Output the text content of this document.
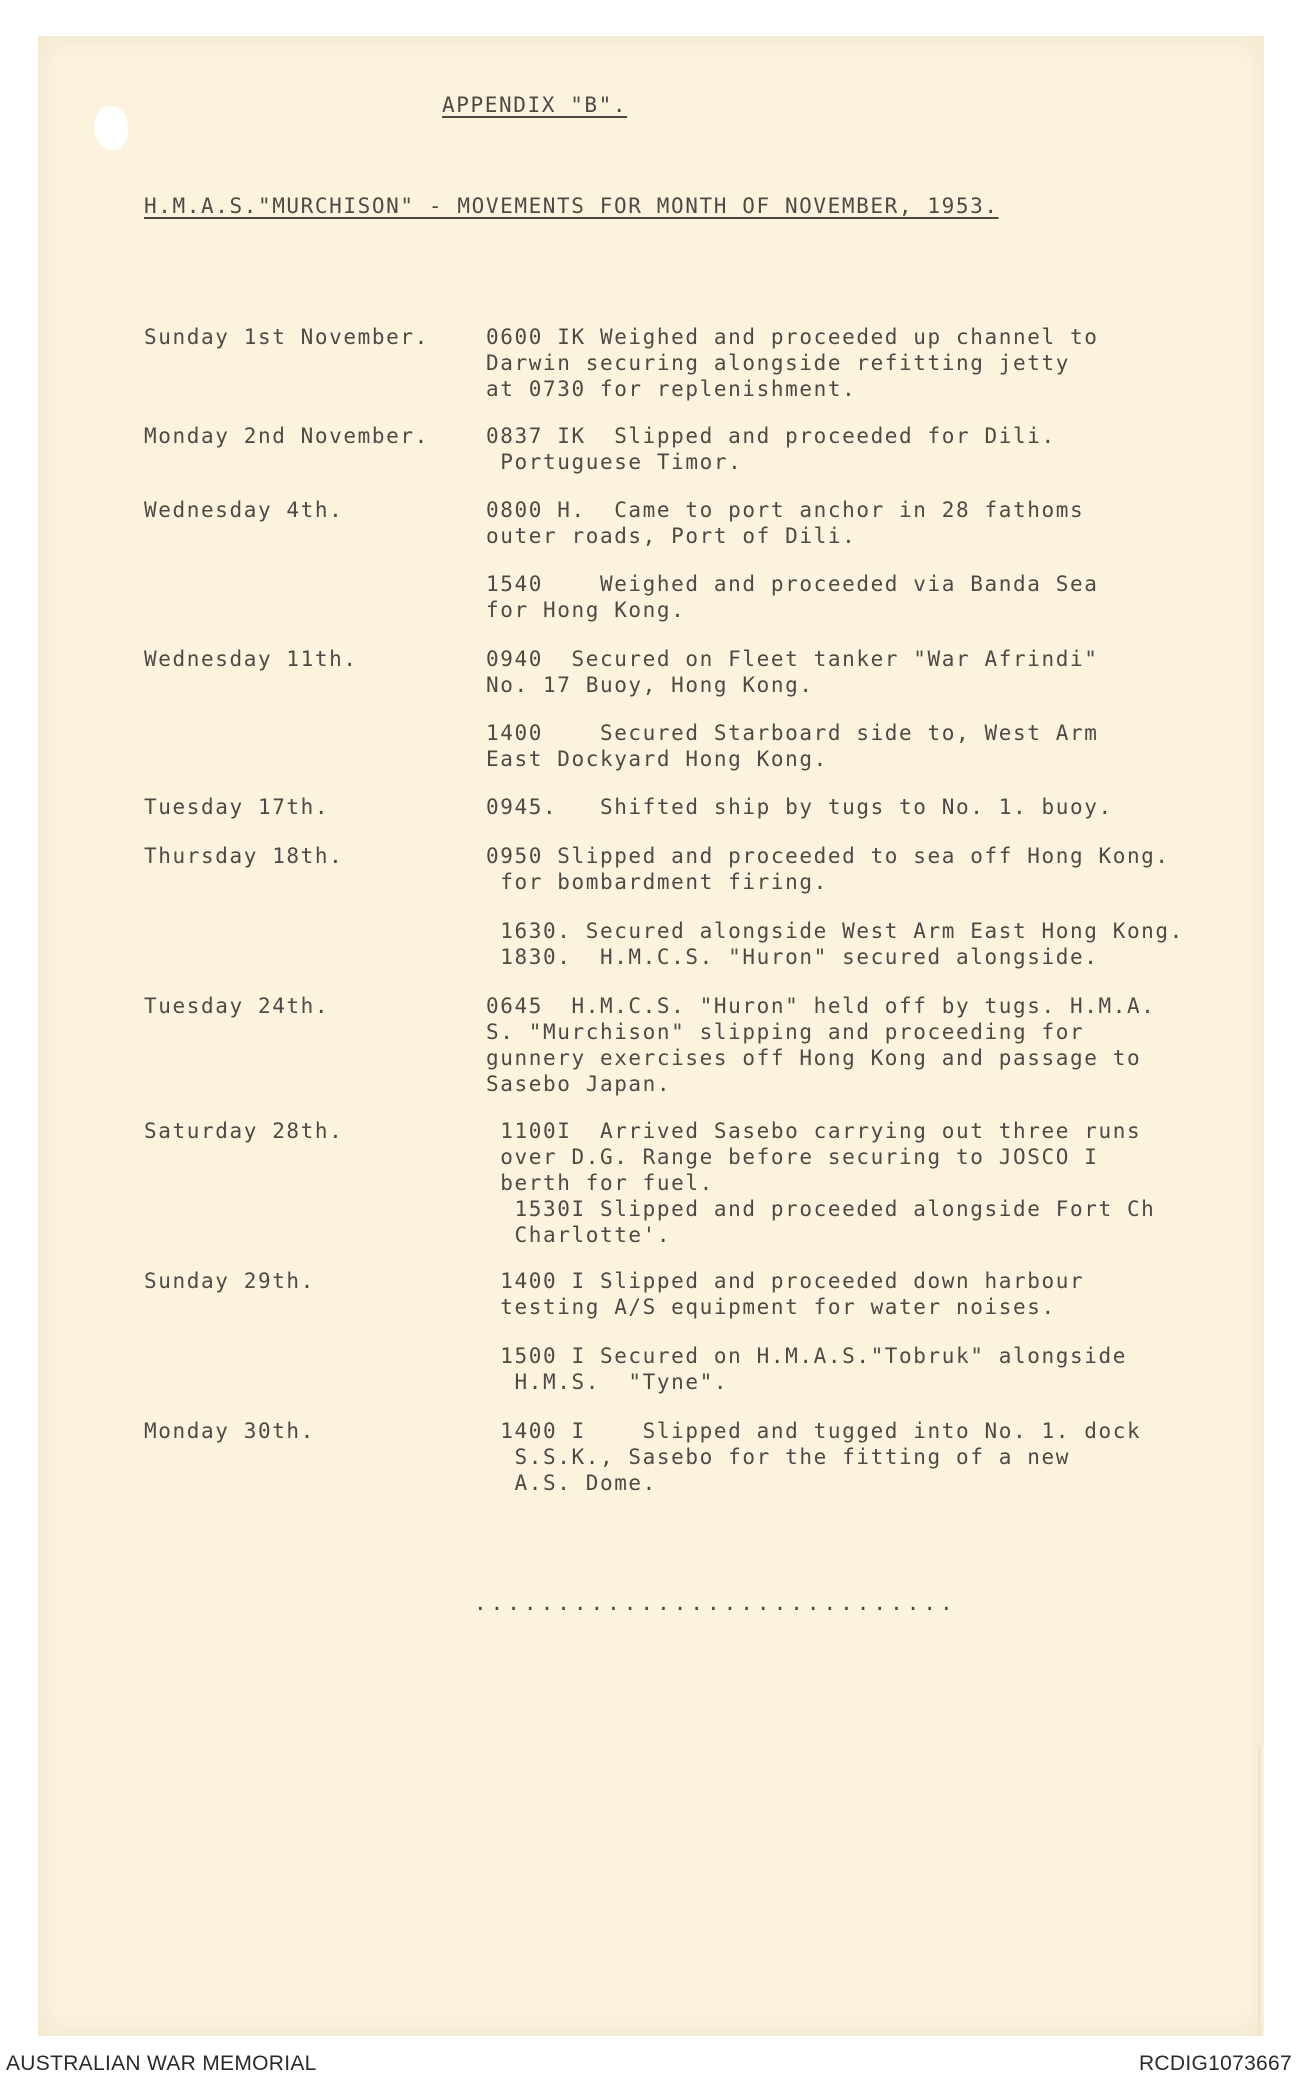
APPENDIX "B".
H.M.A.S."MURCHISON" - MOVEMENTS FOR MONTH OF NOVEMBER, 1953.
Sunday 1st November.	0600 IK Weighed and proceeded up channel to
Darwin securing alongside refitting jetty
at 0730 for replenishment.
Monday 2nd November.	0837 IK  Slipped and proceeded for Dili.
Portuguese Timor.
Wednesday 4th.	0800 H.  Came to port anchor in 28 fathoms
outer roads, Port of Dili.
1540    Weighed and proceeded via Banda Sea
for Hong Kong.
Wednesday 11th.	0940  Secured on Fleet tanker "War Afrindi"
No. 17 Buoy, Hong Kong.
1400    Secured Starboard side to, West Arm
East Dockyard Hong Kong.
Tuesday 17th.	0945.   Shifted ship by tugs to No. 1. buoy.
Thursday 18th.	0950 Slipped and proceeded to sea off Hong Kong.
for bombardment firing.
1630. Secured alongside West Arm East Hong Kong.
1830.  H.M.C.S. "Huron" secured alongside.
Tuesday 24th.	0645  H.M.C.S. "Huron" held off by tugs. H.M.A.
S. "Murchison" slipping and proceeding for
gunnery exercises off Hong Kong and passage to
Sasebo Japan.
Saturday 28th.	1100I  Arrived Sasebo carrying out three runs
over D.G. Range before securing to JOSCO I
berth for fuel.
1530I Slipped and proceeded alongside Fort Ch
Charlotte'.
Sunday 29th.	1400 I Slipped and proceeded down harbour
testing A/S equipment for water noises.
1500 I Secured on H.M.A.S."Tobruk" alongside
H.M.S.  "Tyne".
Monday 30th.	1400 I    Slipped and tugged into No. 1. dock
S.S.K., Sasebo for the fitting of a new
A.S. Dome.
.............................
AUSTRALIAN WAR MEMORIAL	RCDIG1073667
